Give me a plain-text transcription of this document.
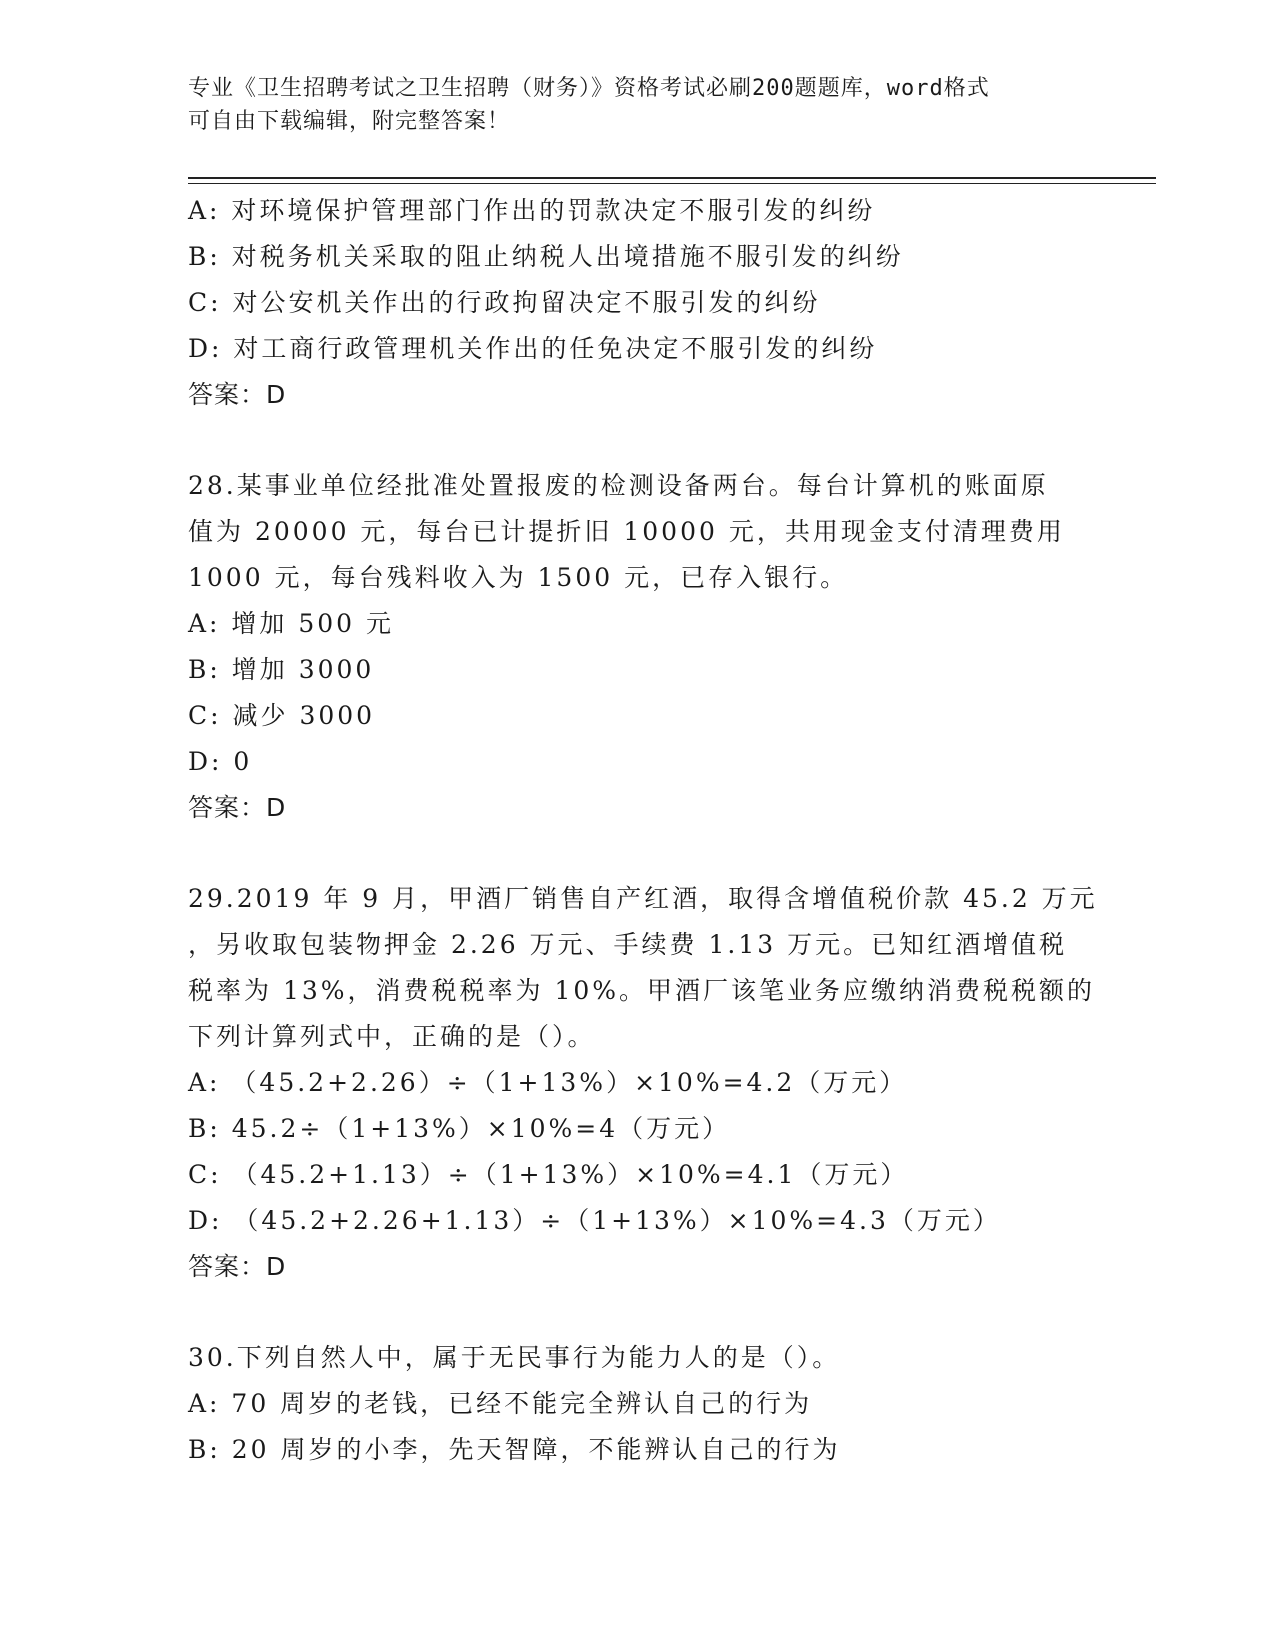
专业《卫生招聘考试之卫生招聘（财务）》资格考试必刷200题题库，word格式
可自由下载编辑，附完整答案！
A: 对环境保护管理部门作出的罚款决定不服引发的纠纷
B: 对税务机关采取的阻止纳税人出境措施不服引发的纠纷
C: 对公安机关作出的行政拘留决定不服引发的纠纷
D: 对工商行政管理机关作出的任免决定不服引发的纠纷
答案：D
28.某事业单位经批准处置报废的检测设备两台。每台计算机的账面原
值为 20000 元，每台已计提折旧 10000 元，共用现金支付清理费用
1000 元，每台残料收入为 1500 元，已存入银行。
A: 增加 500 元
B: 增加 3000
C: 减少 3000
D: 0
答案：D
29.2019 年 9 月，甲酒厂销售自产红酒，取得含增值税价款 45.2 万元
，另收取包装物押金 2.26 万元、手续费 1.13 万元。已知红酒增值税
税率为 13%，消费税税率为 10%。甲酒厂该笔业务应缴纳消费税税额的
下列计算列式中，正确的是（）。
A: （45.2+2.26）÷（1+13%）×10%=4.2（万元）
B: 45.2÷（1+13%）×10%=4（万元）
C: （45.2+1.13）÷（1+13%）×10%=4.1（万元）
D: （45.2+2.26+1.13）÷（1+13%）×10%=4.3（万元）
答案：D
30.下列自然人中，属于无民事行为能力人的是（）。
A: 70 周岁的老钱，已经不能完全辨认自己的行为
B: 20 周岁的小李，先天智障，不能辨认自己的行为
